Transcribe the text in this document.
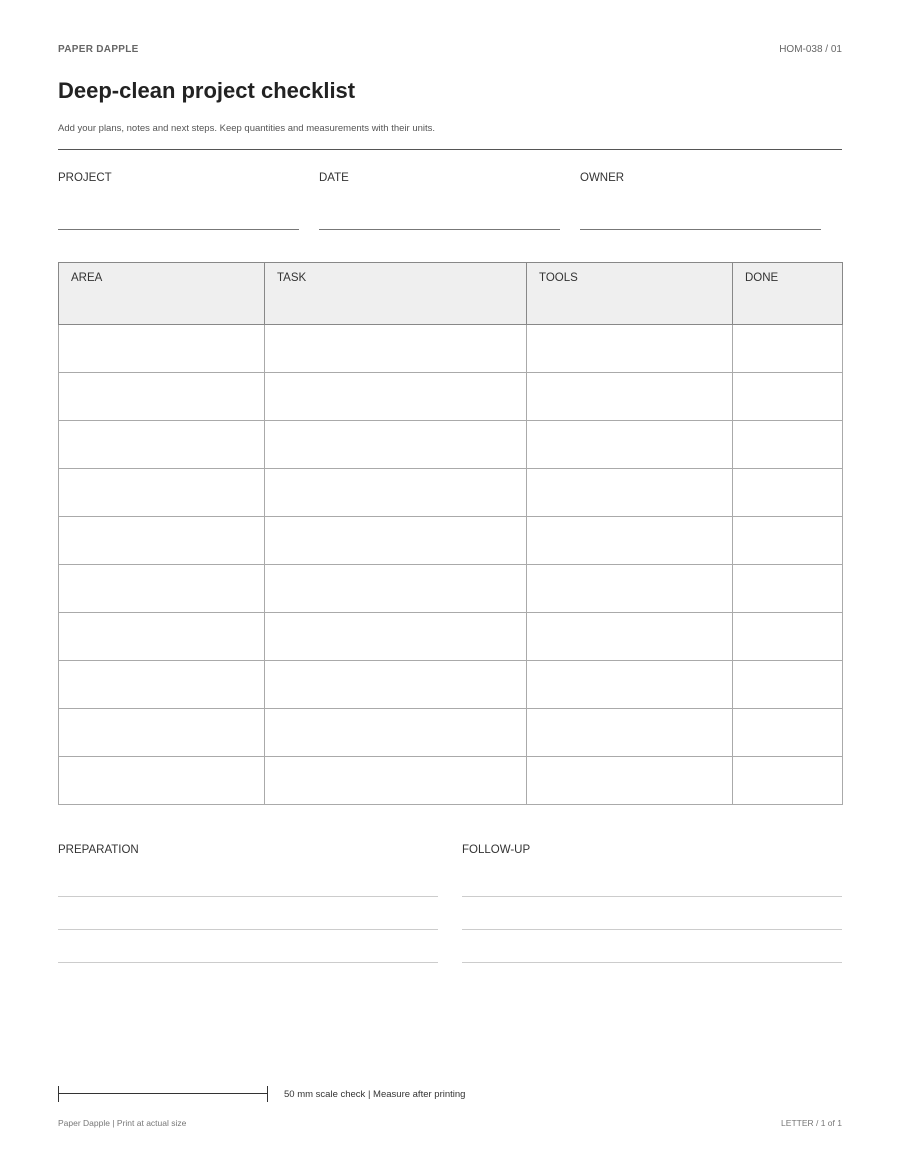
PAPER DAPPLE	HOM-038 / 01
Deep-clean project checklist
Add your plans, notes and next steps. Keep quantities and measurements with their units.
PROJECT	DATE	OWNER
AREA	TASK	TOOLS	DONE

PREPARATION	FOLLOW-UP
50 mm scale check | Measure after printing
Paper Dapple | Print at actual size	LETTER / 1 of 1
